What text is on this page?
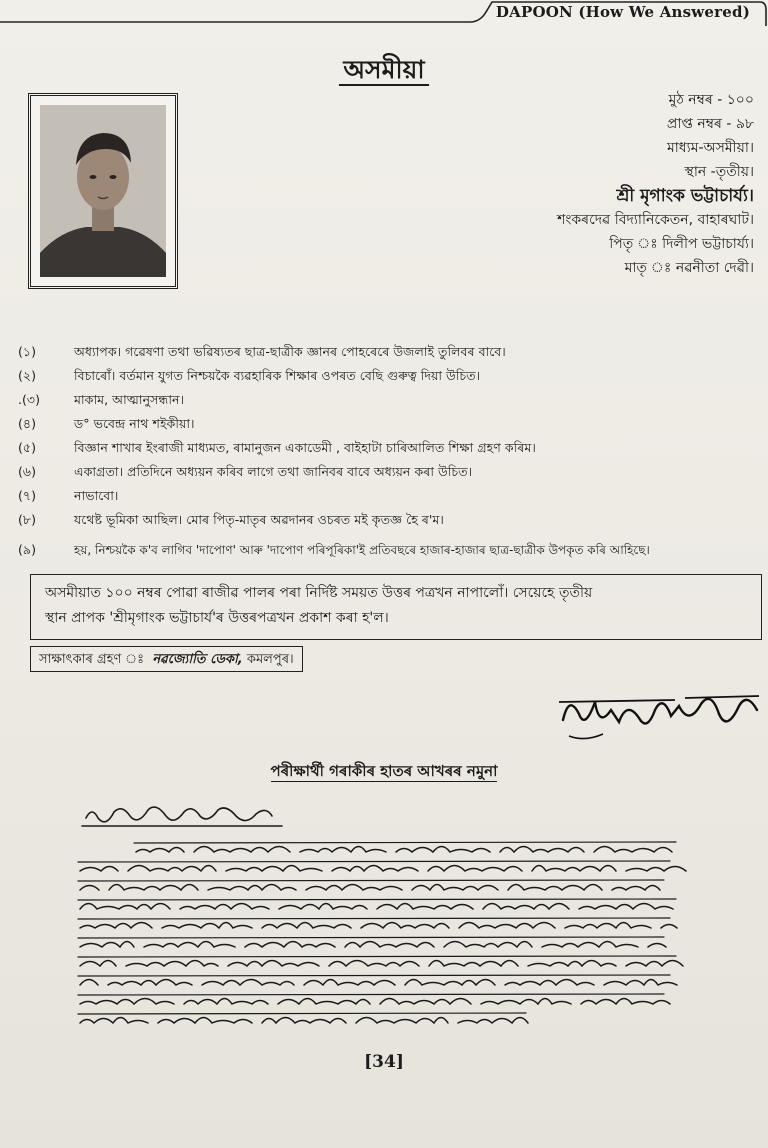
DAPOON (How We Answered)
অসমীয়া
মুঠ নম্বৰ - ১০০
প্ৰাপ্ত নম্বৰ - ৯৮
মাধ্যম-অসমীয়া।
স্থান -তৃতীয়।
শ্ৰী মৃগাংক ভট্টাচাৰ্য্য।
শংকৰদেৱ বিদ্যানিকেতন, বাহাৰঘাট।
পিতৃ ঃ দিলীপ ভট্টাচাৰ্য্য।
মাতৃ ঃ নৱনীতা দেৱী।
(১)	অধ্যাপক। গৱেষণা তথা ভৱিষ্যতৰ ছাত্ৰ-ছাত্ৰীক জ্ঞানৰ পোহৰেৰে উজলাই তুলিবৰ বাবে।
(২)	বিচাৰোঁ। বৰ্তমান যুগত নিশ্চয়কৈ ব্যৱহাৰিক শিক্ষাৰ ওপৰত বেছি গুৰুত্ব দিয়া উচিত।
.(৩)	মাকাম, আত্মানুসন্ধান।
(৪)	ড° ভবেন্দ্ৰ নাথ শইকীয়া।
(৫)	বিজ্ঞান শাখাৰ ইংৰাজী মাধ্যমত, ৰামানুজন একাডেমী , বাইহাটা চাৰিআলিত শিক্ষা গ্ৰহণ কৰিম।
(৬)	একাগ্ৰতা। প্ৰতিদিনে অধ্যয়ন কৰিব লাগে তথা জানিবৰ বাবে অধ্যয়ন কৰা উচিত।
(৭)	নাভাবো।
(৮)	যথেষ্ট ভূমিকা আছিল। মোৰ পিতৃ-মাতৃৰ অৱদানৰ ওচৰত মই কৃতজ্ঞ হৈ ৰ'ম।
(৯)	হয়, নিশ্চয়কৈ ক'ব লাগিব 'দাপোণ' আৰু 'দাপোণ পৰিপূৰিকা'ই প্ৰতিবছৰে হাজাৰ-হাজাৰ ছাত্ৰ-ছাত্ৰীক উপকৃত কৰি আহিছে।
অসমীয়াত ১০০ নম্বৰ পোৱা ৰাজীৱ পালৰ পৰা নিৰ্দিষ্ট সময়ত উত্তৰ পত্ৰখন নাপালোঁ। সেয়েহে তৃতীয়
স্থান প্ৰাপক 'শ্ৰীমৃগাংক ভট্টাচাৰ্য'ৰ উত্তৰপত্ৰখন প্ৰকাশ কৰা হ'ল।
সাক্ষাৎকাৰ গ্ৰহণ ঃ নৱজ্যোতি ডেকা, কমলপুৰ।
পৰীক্ষাৰ্থী গৰাকীৰ হাতৰ আখৰৰ নমুনা
[34]
